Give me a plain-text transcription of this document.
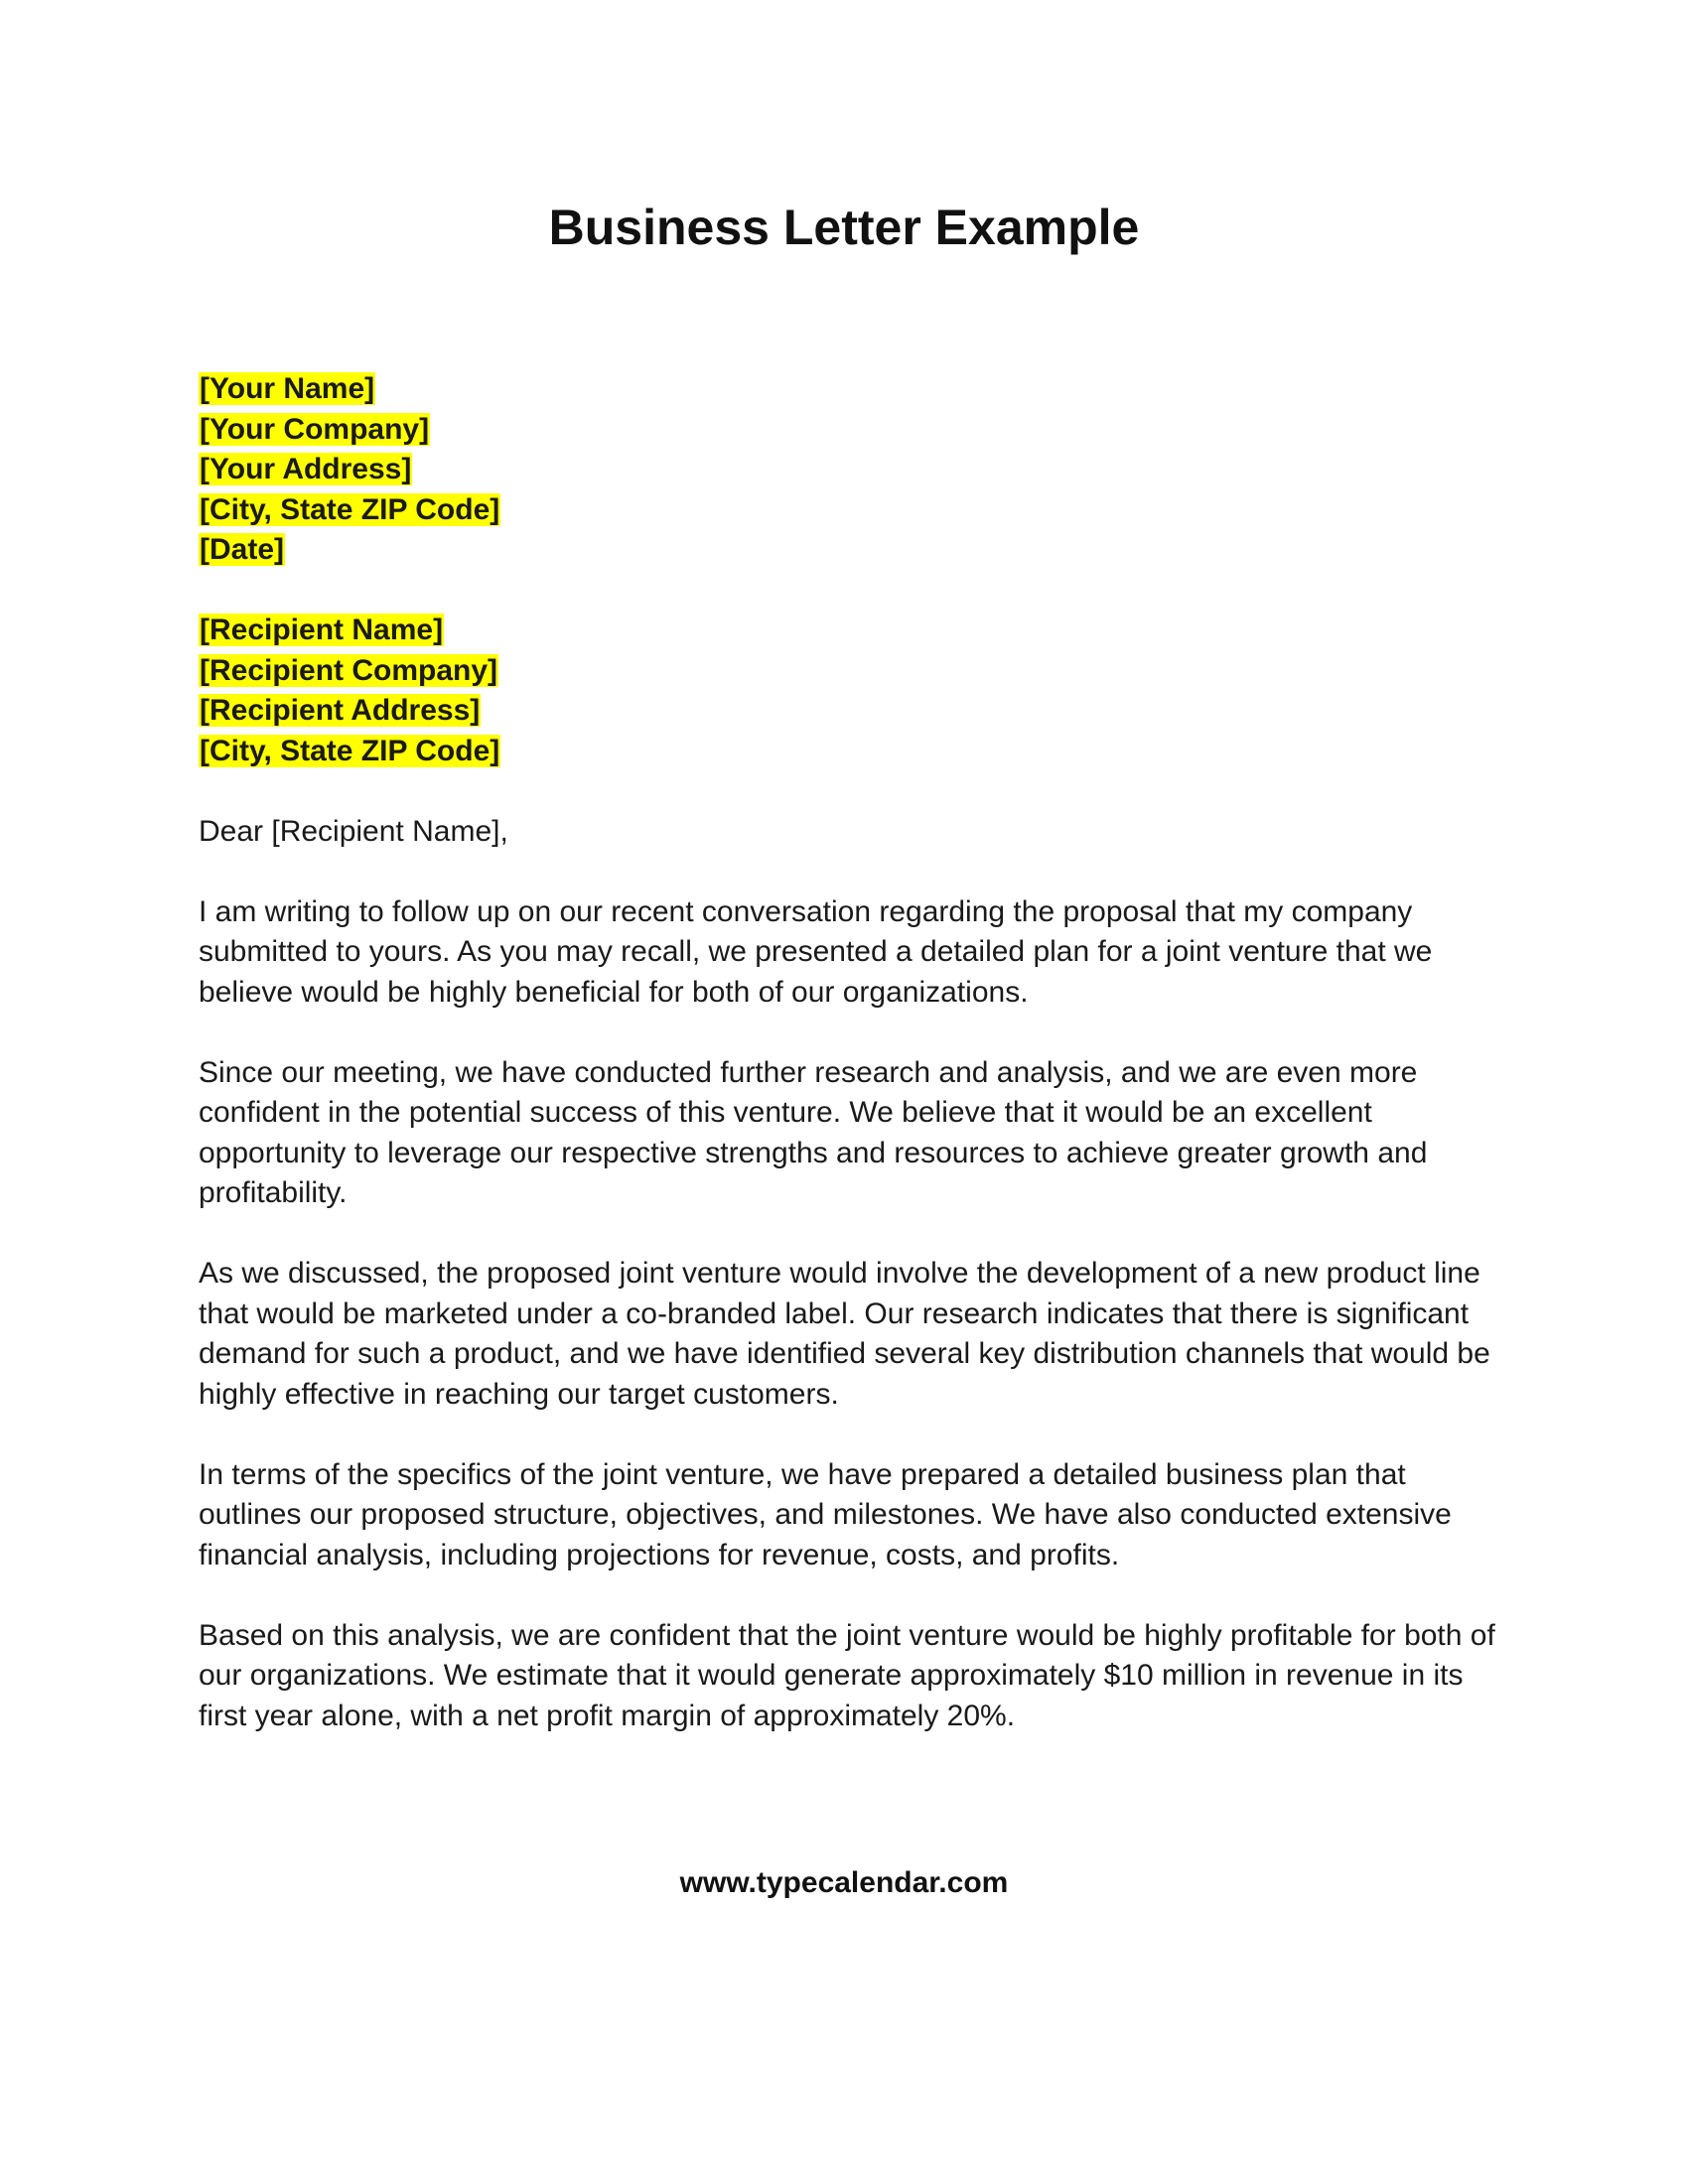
Business Letter Example
[Your Name]
[Your Company]
[Your Address]
[City, State ZIP Code]
[Date]
[Recipient Name]
[Recipient Company]
[Recipient Address]
[City, State ZIP Code]

Dear [Recipient Name],

I am writing to follow up on our recent conversation regarding the proposal that my company submitted to yours. As you may recall, we presented a detailed plan for a joint venture that we believe would be highly beneficial for both of our organizations.

Since our meeting, we have conducted further research and analysis, and we are even more confident in the potential success of this venture. We believe that it would be an excellent opportunity to leverage our respective strengths and resources to achieve greater growth and profitability.

As we discussed, the proposed joint venture would involve the development of a new product line that would be marketed under a co-branded label. Our research indicates that there is significant demand for such a product, and we have identified several key distribution channels that would be highly effective in reaching our target customers.

In terms of the specifics of the joint venture, we have prepared a detailed business plan that outlines our proposed structure, objectives, and milestones. We have also conducted extensive financial analysis, including projections for revenue, costs, and profits.

Based on this analysis, we are confident that the joint venture would be highly profitable for both of our organizations. We estimate that it would generate approximately $10 million in revenue in its first year alone, with a net profit margin of approximately 20%.

www.typecalendar.com
